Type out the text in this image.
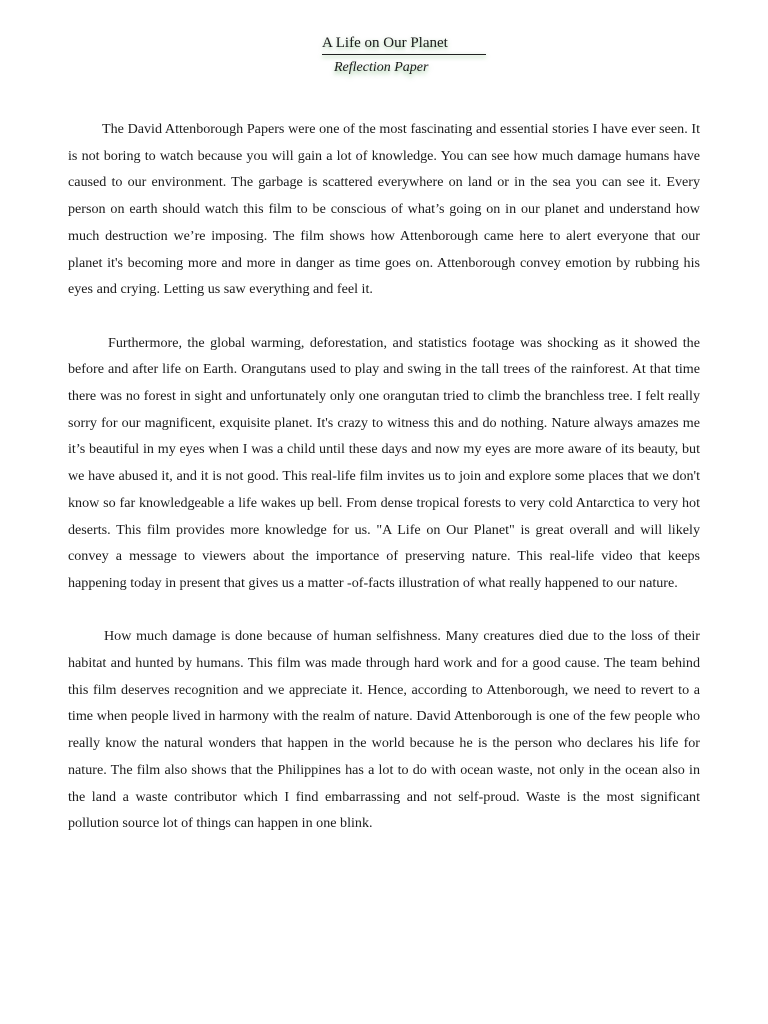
A Life on Our Planet
Reflection Paper

The David Attenborough Papers were one of the most fascinating and essential stories I have ever seen. It is not boring to watch because you will gain a lot of knowledge. You can see how much damage humans have caused to our environment. The garbage is scattered everywhere on land or in the sea you can see it. Every person on earth should watch this film to be conscious of what’s going on in our planet and understand how much destruction we’re imposing. The film shows how Attenborough came here to alert everyone that our planet it's becoming more and more in danger as time goes on. Attenborough convey emotion by rubbing his eyes and crying. Letting us saw everything and feel it.

Furthermore, the global warming, deforestation, and statistics footage was shocking as it showed the before and after life on Earth. Orangutans used to play and swing in the tall trees of the rainforest. At that time there was no forest in sight and unfortunately only one orangutan tried to climb the branchless tree. I felt really sorry for our magnificent, exquisite planet. It's crazy to witness this and do nothing. Nature always amazes me it’s beautiful in my eyes when I was a child until these days and now my eyes are more aware of its beauty, but we have abused it, and it is not good. This real-life film invites us to join and explore some places that we don't know so far knowledgeable a life wakes up bell. From dense tropical forests to very cold Antarctica to very hot deserts. This film provides more knowledge for us. "A Life on Our Planet" is great overall and will likely convey a message to viewers about the importance of preserving nature. This real-life video that keeps happening today in present that gives us a matter -of-facts illustration of what really happened to our nature.

How much damage is done because of human selfishness. Many creatures died due to the loss of their habitat and hunted by humans. This film was made through hard work and for a good cause. The team behind this film deserves recognition and we appreciate it. Hence, according to Attenborough, we need to revert to a time when people lived in harmony with the realm of nature. David Attenborough is one of the few people who really know the natural wonders that happen in the world because he is the person who declares his life for nature. The film also shows that the Philippines has a lot to do with ocean waste, not only in the ocean also in the land a waste contributor which I find embarrassing and not self-proud. Waste is the most significant pollution source lot of things can happen in one blink.
